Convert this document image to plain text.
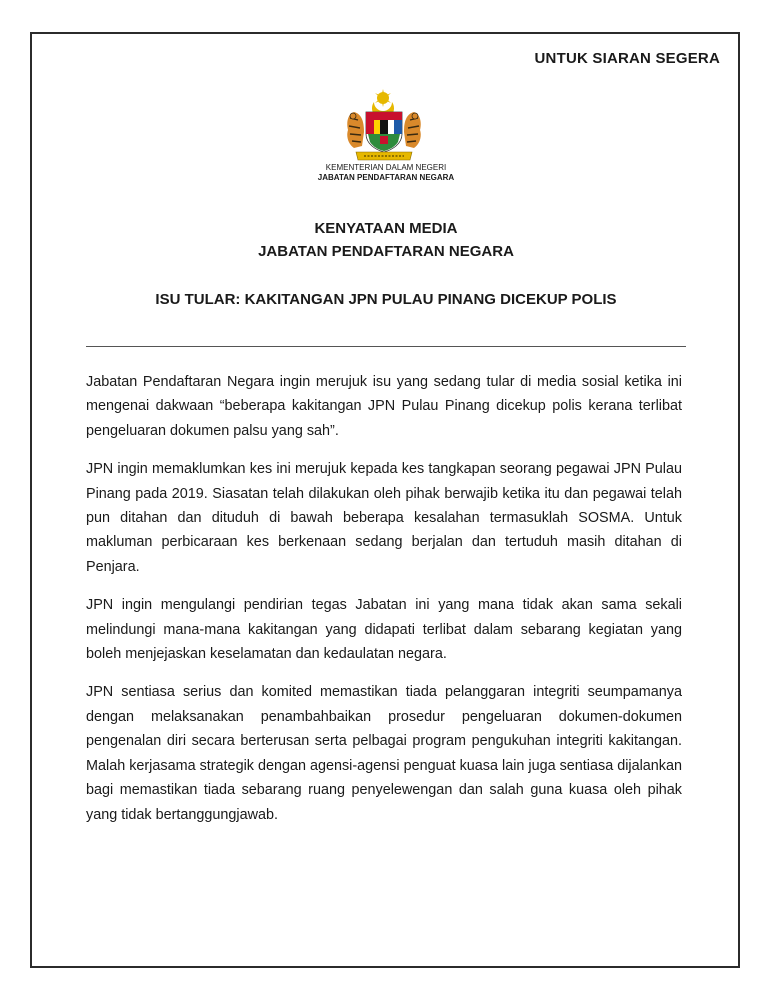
UNTUK SIARAN SEGERA
KEMENTERIAN DALAM NEGERI
JABATAN PENDAFTARAN NEGARA
KENYATAAN MEDIA
JABATAN PENDAFTARAN NEGARA
ISU TULAR: KAKITANGAN JPN PULAU PINANG DICEKUP POLIS

Jabatan Pendaftaran Negara ingin merujuk isu yang sedang tular di media sosial ketika ini mengenai dakwaan “beberapa kakitangan JPN Pulau Pinang dicekup polis kerana terlibat pengeluaran dokumen palsu yang sah”.

JPN ingin memaklumkan kes ini merujuk kepada kes tangkapan seorang pegawai JPN Pulau Pinang pada 2019. Siasatan telah dilakukan oleh pihak berwajib ketika itu dan pegawai telah pun ditahan dan dituduh di bawah beberapa kesalahan termasuklah SOSMA. Untuk makluman perbicaraan kes berkenaan sedang berjalan dan tertuduh masih ditahan di Penjara.

JPN ingin mengulangi pendirian tegas Jabatan ini yang mana tidak akan sama sekali melindungi mana-mana kakitangan yang didapati terlibat dalam sebarang kegiatan yang boleh menjejaskan keselamatan dan kedaulatan negara.

JPN sentiasa serius dan komited memastikan tiada pelanggaran integriti seumpamanya dengan melaksanakan penambahbaikan prosedur pengeluaran dokumen-dokumen pengenalan diri secara berterusan serta pelbagai program pengukuhan integriti kakitangan. Malah kerjasama strategik dengan agensi-agensi penguat kuasa lain juga sentiasa dijalankan bagi memastikan tiada sebarang ruang penyelewengan dan salah guna kuasa oleh pihak yang tidak bertanggungjawab.
